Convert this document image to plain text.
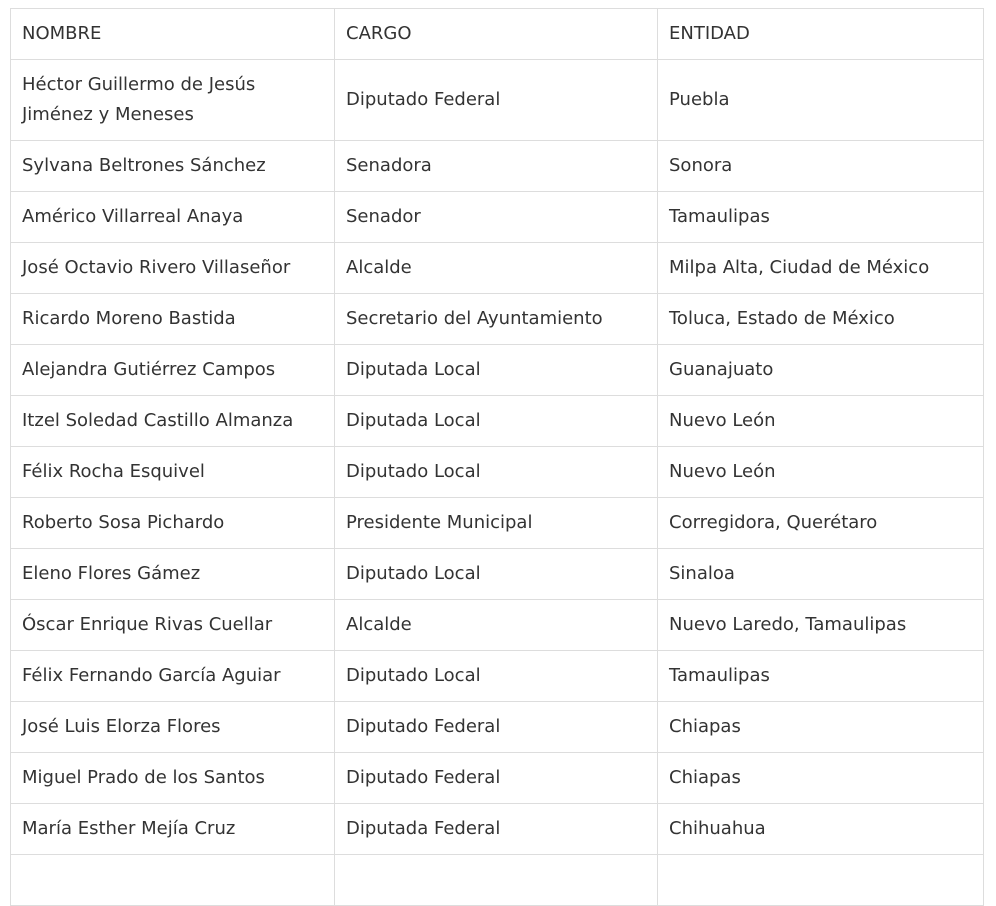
NOMBRE	CARGO	ENTIDAD
Héctor Guillermo de Jesús Jiménez y Meneses	Diputado Federal	Puebla
Sylvana Beltrones Sánchez	Senadora	Sonora
Américo Villarreal Anaya	Senador	Tamaulipas
José Octavio Rivero Villaseñor	Alcalde	Milpa Alta, Ciudad de México
Ricardo Moreno Bastida	Secretario del Ayuntamiento	Toluca, Estado de México
Alejandra Gutiérrez Campos	Diputada Local	Guanajuato
Itzel Soledad Castillo Almanza	Diputada Local	Nuevo León
Félix Rocha Esquivel	Diputado Local	Nuevo León
Roberto Sosa Pichardo	Presidente Municipal	Corregidora, Querétaro
Eleno Flores Gámez	Diputado Local	Sinaloa
Óscar Enrique Rivas Cuellar	Alcalde	Nuevo Laredo, Tamaulipas
Félix Fernando García Aguiar	Diputado Local	Tamaulipas
José Luis Elorza Flores	Diputado Federal	Chiapas
Miguel Prado de los Santos	Diputado Federal	Chiapas
María Esther Mejía Cruz	Diputada Federal	Chihuahua
